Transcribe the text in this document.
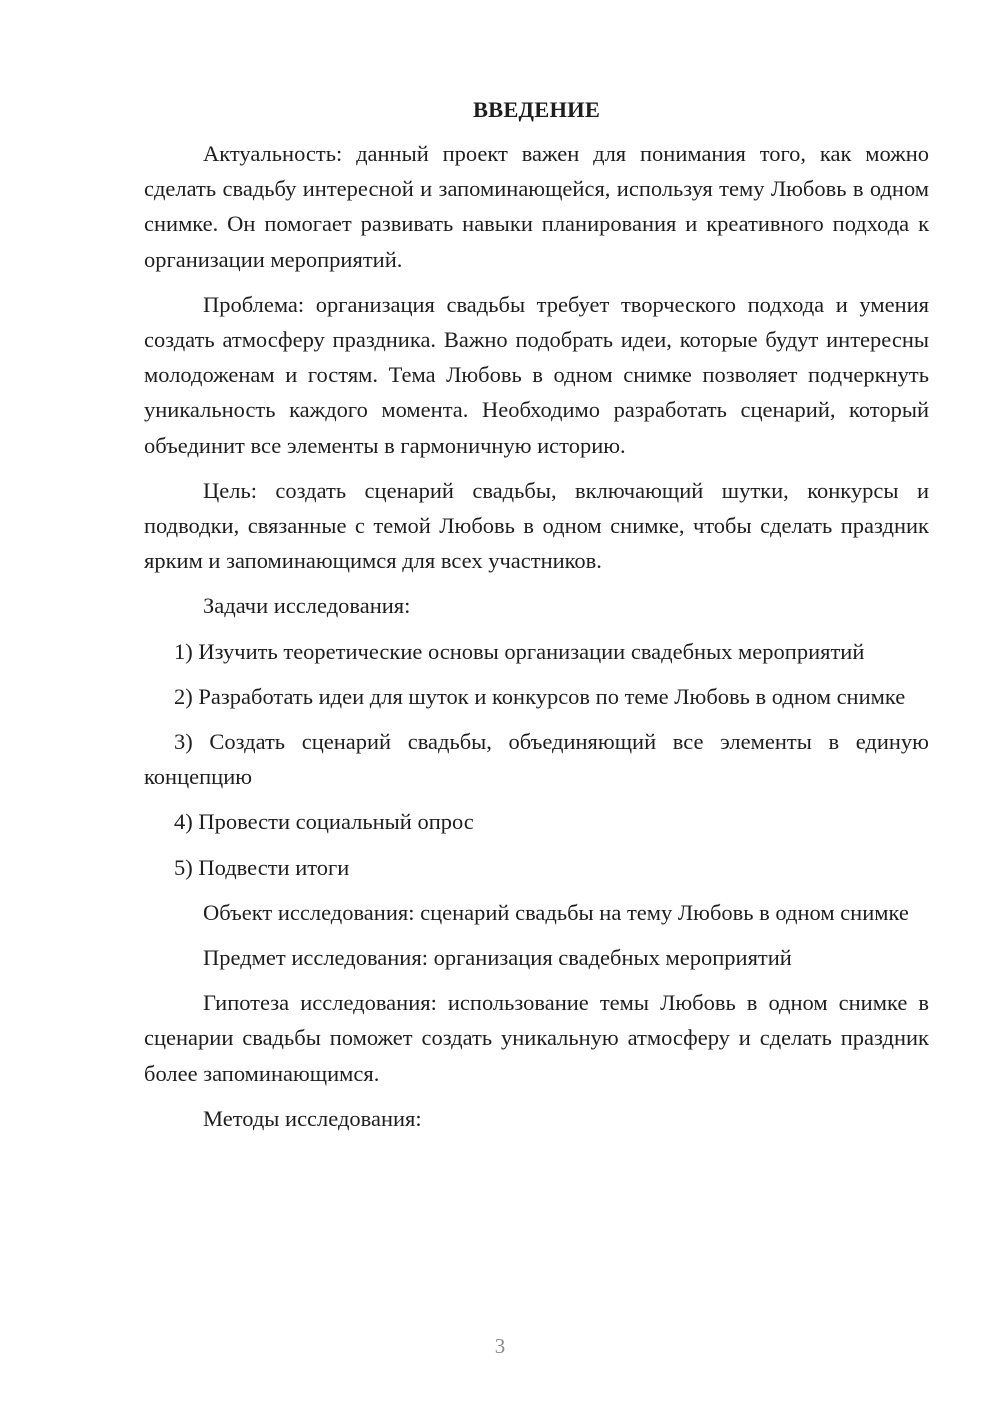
ВВЕДЕНИЕ

Актуальность: данный проект важен для понимания того, как можно сделать свадьбу интересной и запоминающейся, используя тему Любовь в одном снимке. Он помогает развивать навыки планирования и креативного подхода к организации мероприятий.

Проблема: организация свадьбы требует творческого подхода и умения создать атмосферу праздника. Важно подобрать идеи, которые будут интересны молодоженам и гостям. Тема Любовь в одном снимке позволяет подчеркнуть уникальность каждого момента. Необходимо разработать сценарий, который объединит все элементы в гармоничную историю.

Цель: создать сценарий свадьбы, включающий шутки, конкурсы и подводки, связанные с темой Любовь в одном снимке, чтобы сделать праздник ярким и запоминающимся для всех участников.

Задачи исследования:

1) Изучить теоретические основы организации свадебных мероприятий

2) Разработать идеи для шуток и конкурсов по теме Любовь в одном снимке

3) Создать сценарий свадьбы, объединяющий все элементы в единую концепцию

4) Провести социальный опрос

5) Подвести итоги

Объект исследования: сценарий свадьбы на тему Любовь в одном снимке

Предмет исследования: организация свадебных мероприятий

Гипотеза исследования: использование темы Любовь в одном снимке в сценарии свадьбы поможет создать уникальную атмосферу и сделать праздник более запоминающимся.

Методы исследования:

3
